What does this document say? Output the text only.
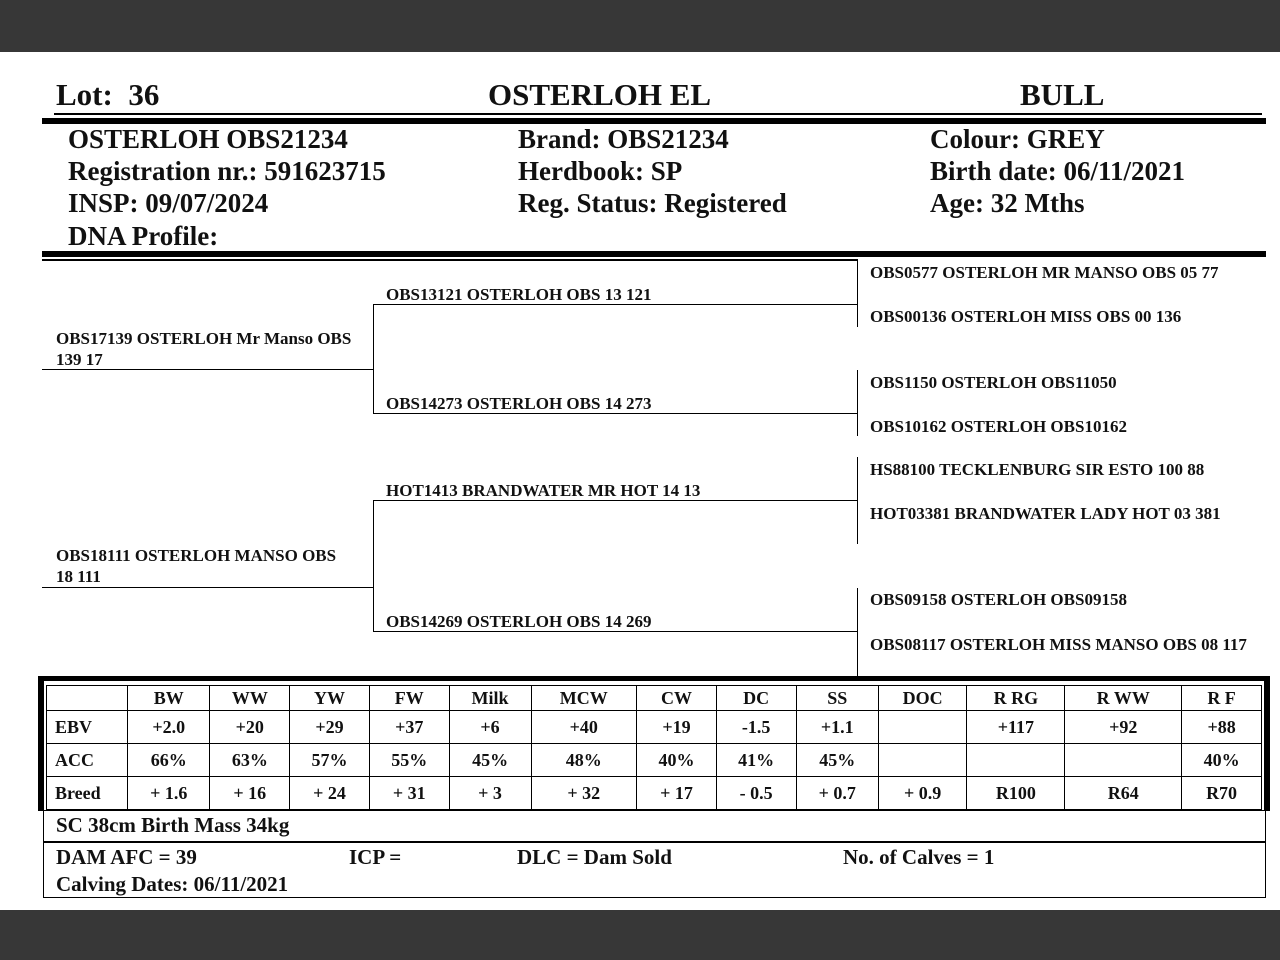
Lot: 36	OSTERLOH EL	BULL
OSTERLOH OBS21234
Registration nr.: 591623715
INSP: 09/07/2024
DNA Profile:
Brand: OBS21234
Herdbook: SP
Reg. Status: Registered
Colour: GREY
Birth date: 06/11/2021
Age: 32 Mths
OBS17139 OSTERLOH Mr Manso OBS 139 17
OBS18111 OSTERLOH MANSO OBS 18 111
OBS13121 OSTERLOH OBS 13 121
OBS14273 OSTERLOH OBS 14 273
HOT1413 BRANDWATER MR HOT 14 13
OBS14269 OSTERLOH OBS 14 269
OBS0577 OSTERLOH MR MANSO OBS 05 77
OBS00136 OSTERLOH MISS OBS 00 136
OBS1150 OSTERLOH OBS11050
OBS10162 OSTERLOH OBS10162
HS88100 TECKLENBURG SIR ESTO 100 88
HOT03381 BRANDWATER LADY HOT 03 381
OBS09158 OSTERLOH OBS09158
OBS08117 OSTERLOH MISS MANSO OBS 08 117
	BW	WW	YW	FW	Milk	MCW	CW	DC	SS	DOC	R RG	R WW	R F
EBV	+2.0	+20	+29	+37	+6	+40	+19	-1.5	+1.1		+117	+92	+88
ACC	66%	63%	57%	55%	45%	48%	40%	41%	45%				40%
Breed	+ 1.6	+ 16	+ 24	+ 31	+ 3	+ 32	+ 17	- 0.5	+ 0.7	+ 0.9	R100	R64	R70
SC 38cm Birth Mass 34kg
DAM AFC = 39	ICP =	DLC = Dam Sold	No. of Calves = 1
Calving Dates: 06/11/2021
